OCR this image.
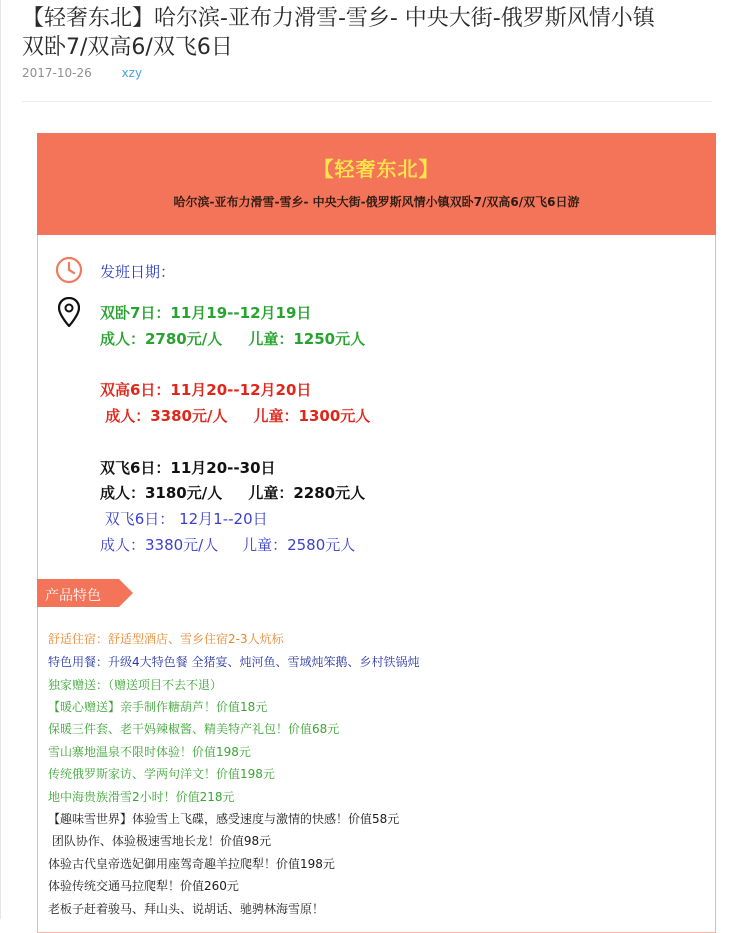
【轻奢东北】哈尔滨-亚布力滑雪-雪乡- 中央大街-俄罗斯风情小镇
双卧7/双高6/双飞6日
2017-10-26 xzy
【轻奢东北】
哈尔滨-亚布力滑雪-雪乡- 中央大街-俄罗斯风情小镇双卧7/双高6/双飞6日游
发班日期：
双卧7日：11月19--12月19日
成人：2780元/人     儿童：1250元人
双高6日：11月20--12月20日
成人：3380元/人     儿童：1300元人
双飞6日：11月20--30日
成人：3180元/人     儿童：2280元人
双飞6日： 12月1--20日
成人：3380元/人     儿童：2580元人
产品特色
舒适住宿：舒适型酒店、雪乡住宿2-3人炕标
特色用餐：升级4大特色餐 全猪宴、炖河鱼、雪域炖笨鹅、乡村铁锅炖
独家赠送：（赠送项目不去不退）
【暖心赠送】亲手制作糖葫芦！价值18元
保暖三件套、老干妈辣椒酱、精美特产礼包！价值68元
雪山寨地温泉不限时体验！价值198元
传统俄罗斯家访、学两句洋文！价值198元
地中海贵族滑雪2小时！价值218元
【趣味雪世界】体验雪上飞碟，感受速度与激情的快感！价值58元
团队协作、体验极速雪地长龙！价值98元
体验古代皇帝选妃御用座驾奇趣羊拉爬犁！价值198元
体验传统交通马拉爬犁！价值260元
老板子赶着骏马、拜山头、说胡话、驰骋林海雪原！
